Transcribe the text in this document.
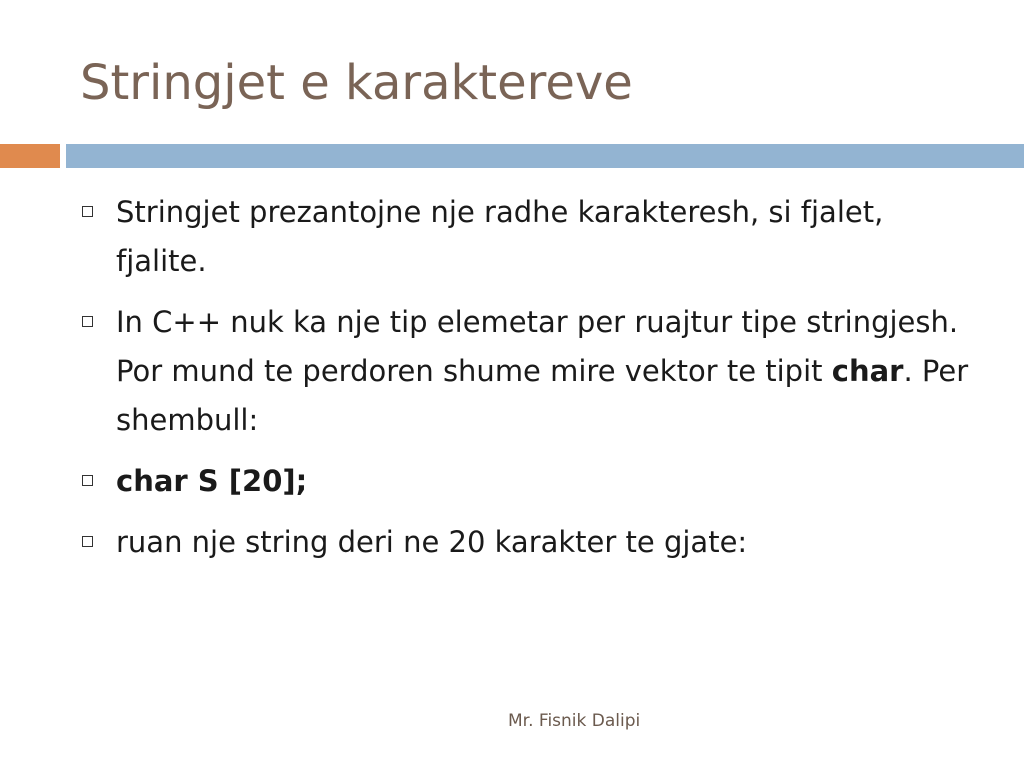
Stringjet e karaktereve
Stringjet prezantojne nje radhe karakteresh, si fjalet, fjalite.
In C++ nuk ka nje tip elemetar per ruajtur tipe stringjesh. Por mund te perdoren shume mire vektor te tipit char. Per shembull:
char S [20];
ruan nje string deri ne 20 karakter te gjate:
Mr. Fisnik Dalipi
